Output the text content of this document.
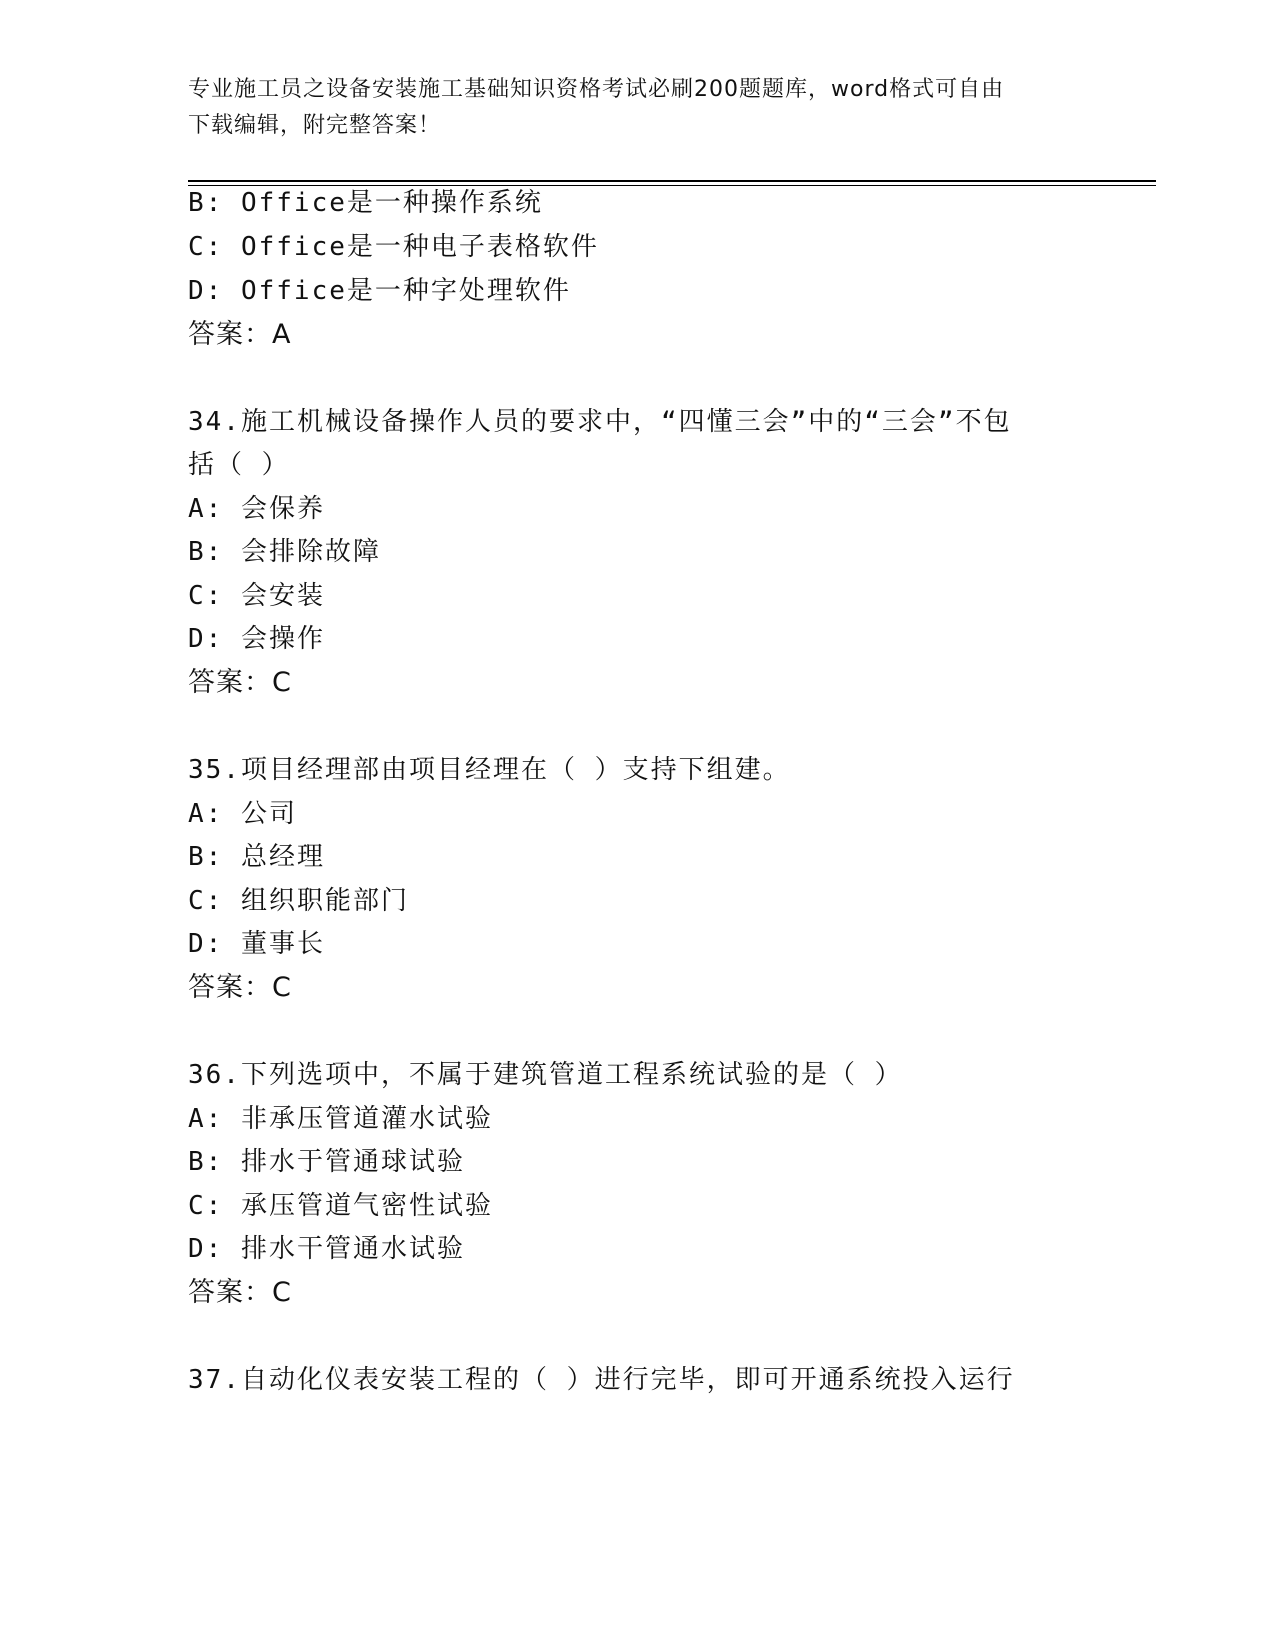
专业施工员之设备安装施工基础知识资格考试必刷200题题库，word格式可自由
下载编辑，附完整答案！
B: Office是一种操作系统
C: Office是一种电子表格软件
D: Office是一种字处理软件
答案：A
34.施工机械设备操作人员的要求中，“四懂三会”中的“三会”不包
括（ ）
A: 会保养
B: 会排除故障
C: 会安装
D: 会操作
答案：C
35.项目经理部由项目经理在（ ）支持下组建。
A: 公司
B: 总经理
C: 组织职能部门
D: 董事长
答案：C
36.下列选项中，不属于建筑管道工程系统试验的是（ ）
A: 非承压管道灌水试验
B: 排水于管通球试验
C: 承压管道气密性试验
D: 排水干管通水试验
答案：C
37.自动化仪表安装工程的（ ）进行完毕，即可开通系统投入运行
